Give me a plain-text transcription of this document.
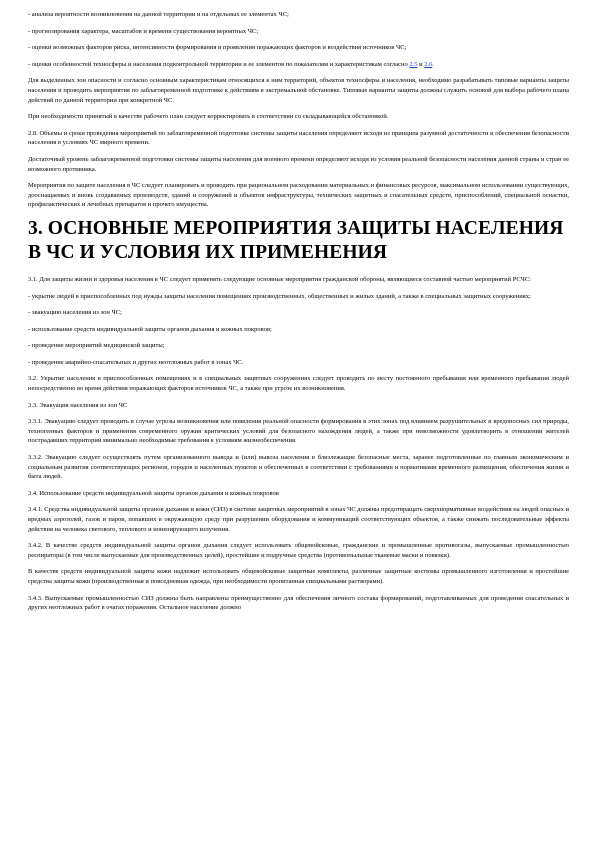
- анализа вероятности возникновения на данной территории и на отдельных ее элементах ЧС;

- прогнозирования характера, масштабов и времени существования вероятных ЧС;

- оценки возможных факторов риска, интенсивности формирования и проявления поражающих факторов и воздействия источников ЧС;

- оценки особенностей техносферы и населения подконтрольной территории и ее элементов по показателям и характеристикам согласно 2.5 и 2.6.

Для выделенных зон опасности и согласно основным характеристикам относящихся к ним территорий, объектов техносферы и населения, необходимо разрабатывать типовые варианты защиты населения и проводить мероприятия по заблаговременной подготовке к действиям в экстремальной обстановке. Типовые варианты защиты должны служить основой для выбора рабочего плана действий по данной территории при конкретной ЧС.

При необходимости принятый в качестве рабочего план следует корректировать в соответствии со складывающейся обстановкой.

2.8. Объемы и сроки проведения мероприятий по заблаговременной подготовке системы защиты населения определяют исходя из принципа разумной достаточности и обеспечения безопасности населения в условиях ЧС мирного времени.

Достаточный уровень заблаговременной подготовки системы защиты населения для военного времени определяют исходя из условия реальной безопасности населения данной страны и стран ее возможного противника.

Мероприятия по защите населения в ЧС следует планировать и проводить при рациональном расходовании материальных и финансовых ресурсов, максимальном использовании существующих, дооснащаемых и вновь создаваемых производств, зданий и сооружений и объектов инфраструктуры, технических защитных и спасательных средств, приспособлений, специальной оснастки, профилактических и лечебных препаратов и прочего имущества.

3. ОСНОВНЫЕ МЕРОПРИЯТИЯ ЗАЩИТЫ НАСЕЛЕНИЯ В ЧС И УСЛОВИЯ ИХ ПРИМЕНЕНИЯ

3.1. Для защиты жизни и здоровья населения в ЧС следует применять следующие основные мероприятия гражданской обороны, являющиеся составной частью мероприятий РСЧС:

- укрытие людей в приспособленных под нужды защиты населения помещениях производственных, общественных и жилых зданий, а также в специальных защитных сооружениях;

- эвакуацию населения из зон ЧС;

- использование средств индивидуальной защиты органов дыхания и кожных покровов;

- проведение мероприятий медицинской защиты;

- проведение аварийно-спасательных и других неотложных работ в зонах ЧС.

3.2. Укрытие населения в приспособленных помещениях и в специальных защитных сооружениях следует проводить по месту постоянного пребывания или временного пребывания людей непосредственно во время действия поражающих факторов источников ЧС, а также при угрозе их возникновения.

3.3. Эвакуация населения из зон ЧС

3.3.1. Эвакуацию следует проводить в случае угрозы возникновения или появления реальной опасности формирования в этих зонах под влиянием разрушительных и вредоносных сил природы, техногенных факторов и применения современного оружия критических условий для безопасного нахождения людей, а также при невозможности удовлетворить в отношении жителей пострадавших территорий минимально необходимые требования к условиям жизнеобеспечения.

3.3.2. Эвакуацию следует осуществлять путем организованного вывода и (или) вывоза населения в близлежащие безопасные места, заранее подготовленные по главным экономическим и социальным развития соответствующих регионов, городов и населенных пунктов и обеспеченных в соответствии с требованиями и нормативами временного размещения, обеспечения жизни и быта людей.

3.4. Использование средств индивидуальной защиты органов дыхания и кожных покровов

3.4.1. Средства индивидуальной защиты органов дыхания и кожи (СИЗ) в системе защитных мероприятий в зонах ЧС должны предотвращать сверхнормативные воздействия на людей опасных и вредных аэрозолей, газов и паров, попавших в окружающую среду при разрушении оборудования и коммуникаций соответствующих объектов, а также снижать последовательные эффекты действия на человека светового, теплового и ионизирующего излучения.

3.4.2. В качестве средств индивидуальной защиты органов дыхания следует использовать общевойсковые, гражданские и промышленные противогазы, выпускаемые промышленностью респираторы (в том числе выпускаемые для производственных целей), простейшие и подручные средства (противопыльные тканевые маски и повязки).

В качестве средств индивидуальной защиты кожи надлежит использовать общевойсковые защитные комплекты, различные защитные костюмы промышленного изготовления и простейшие средства защиты кожи (производственная и повседневная одежда, при необходимости пропитанная специальными растворами).

3.4.3. Выпускаемые промышленностью СИЗ должны быть направлены преимущественно для обеспечения личного состава формирований, подготавливаемых для проведения спасательных и других неотложных работ в очагах поражения. Остальное население должно
